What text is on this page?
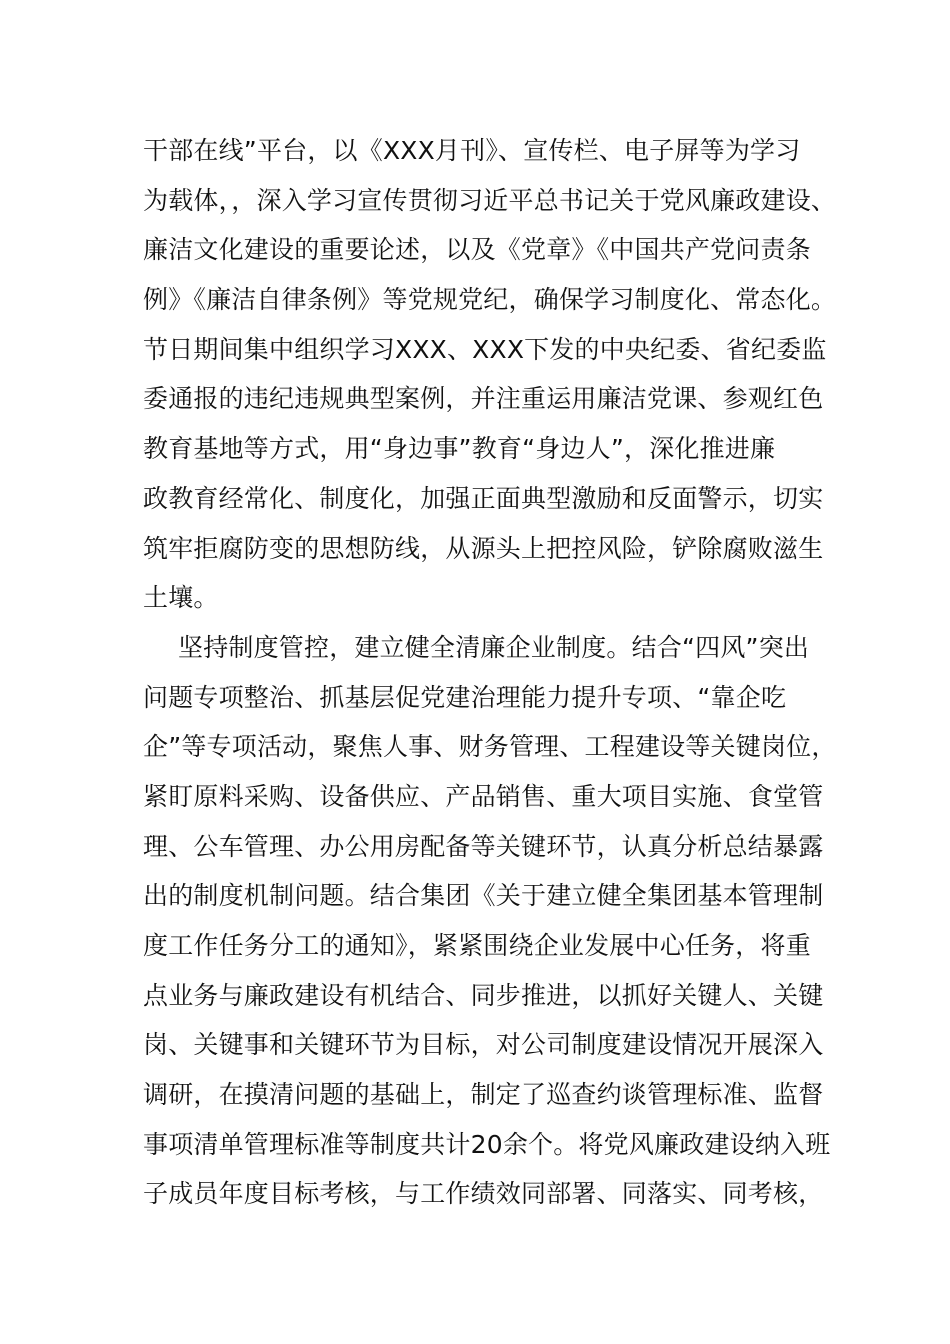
干部在线”平台，以《XXX月刊》、宣传栏、电子屏等为学习
为载体，，深入学习宣传贯彻习近平总书记关于党风廉政建设、
廉洁文化建设的重要论述，以及《党章》《中国共产党问责条
例》《廉洁自律条例》等党规党纪，确保学习制度化、常态化。
节日期间集中组织学习XXX、XXX下发的中央纪委、省纪委监
委通报的违纪违规典型案例，并注重运用廉洁党课、参观红色
教育基地等方式，用“身边事”教育“身边人”，深化推进廉
政教育经常化、制度化，加强正面典型激励和反面警示，切实
筑牢拒腐防变的思想防线，从源头上把控风险，铲除腐败滋生
土壤。
坚持制度管控，建立健全清廉企业制度。结合“四风”突出
问题专项整治、抓基层促党建治理能力提升专项、“靠企吃
企”等专项活动，聚焦人事、财务管理、工程建设等关键岗位，
紧盯原料采购、设备供应、产品销售、重大项目实施、食堂管
理、公车管理、办公用房配备等关键环节，认真分析总结暴露
出的制度机制问题。结合集团《关于建立健全集团基本管理制
度工作任务分工的通知》，紧紧围绕企业发展中心任务，将重
点业务与廉政建设有机结合、同步推进，以抓好关键人、关键
岗、关键事和关键环节为目标，对公司制度建设情况开展深入
调研，在摸清问题的基础上，制定了巡查约谈管理标准、监督
事项清单管理标准等制度共计20余个。将党风廉政建设纳入班
子成员年度目标考核，与工作绩效同部署、同落实、同考核，
